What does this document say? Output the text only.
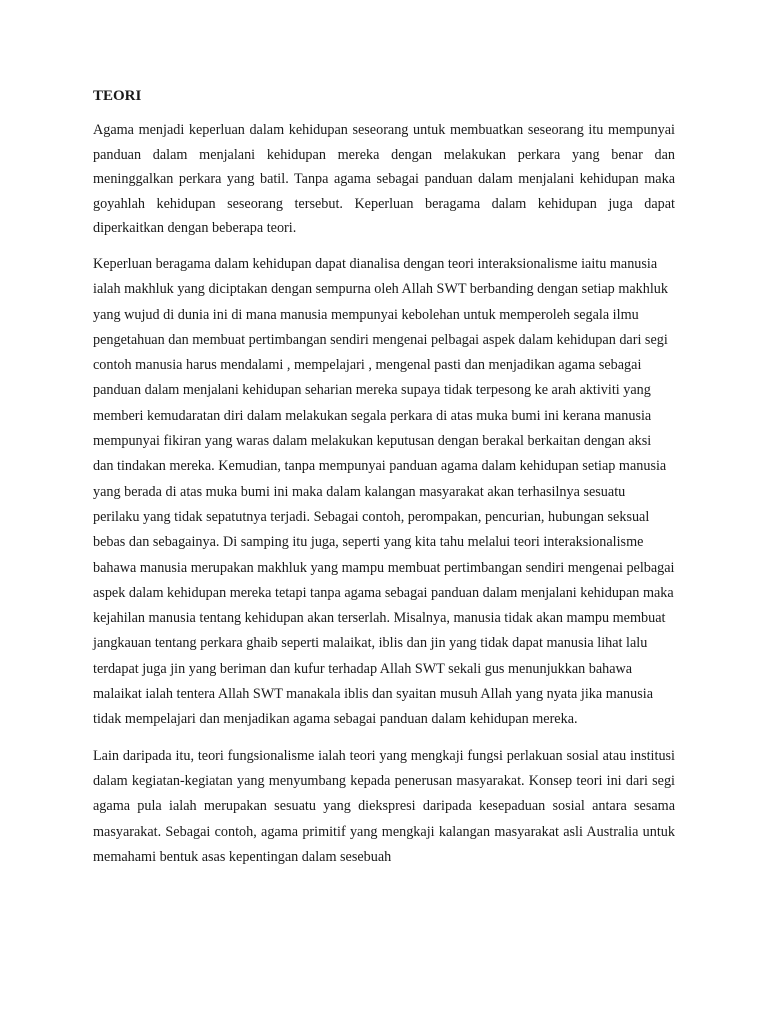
TEORI

Agama menjadi keperluan dalam kehidupan seseorang untuk membuatkan seseorang itu mempunyai panduan dalam menjalani kehidupan mereka dengan melakukan perkara yang benar dan meninggalkan perkara yang batil. Tanpa agama sebagai panduan dalam menjalani kehidupan maka goyahlah kehidupan seseorang tersebut. Keperluan beragama dalam kehidupan juga dapat diperkaitkan dengan beberapa teori.

Keperluan beragama dalam kehidupan dapat dianalisa dengan teori interaksionalisme iaitu manusia ialah makhluk yang diciptakan dengan sempurna oleh Allah SWT berbanding dengan setiap makhluk yang wujud di dunia ini di mana manusia mempunyai kebolehan untuk memperoleh segala ilmu pengetahuan dan membuat pertimbangan sendiri mengenai pelbagai aspek dalam kehidupan dari segi contoh manusia harus mendalami , mempelajari , mengenal pasti dan menjadikan agama sebagai panduan dalam menjalani kehidupan seharian mereka supaya tidak terpesong ke arah aktiviti yang memberi kemudaratan diri dalam melakukan segala perkara di atas muka bumi ini kerana manusia mempunyai fikiran yang waras dalam melakukan keputusan dengan berakal berkaitan dengan aksi dan tindakan mereka. Kemudian, tanpa mempunyai panduan agama dalam kehidupan setiap manusia yang berada di atas muka bumi ini maka dalam kalangan masyarakat akan terhasilnya sesuatu perilaku yang tidak sepatutnya terjadi. Sebagai contoh, perompakan, pencurian, hubungan seksual bebas dan sebagainya. Di samping itu juga, seperti yang kita tahu melalui teori interaksionalisme bahawa manusia merupakan makhluk yang mampu membuat pertimbangan sendiri mengenai pelbagai aspek dalam kehidupan mereka tetapi tanpa agama sebagai panduan dalam menjalani kehidupan maka kejahilan manusia tentang kehidupan akan terserlah. Misalnya, manusia tidak akan mampu membuat jangkauan tentang perkara ghaib seperti malaikat, iblis dan jin yang tidak dapat manusia lihat lalu terdapat juga jin yang beriman dan kufur terhadap Allah SWT sekali gus menunjukkan bahawa malaikat ialah tentera Allah SWT manakala iblis dan syaitan musuh Allah yang nyata jika manusia tidak mempelajari dan menjadikan agama sebagai panduan dalam kehidupan mereka.

Lain daripada itu, teori fungsionalisme ialah teori yang mengkaji fungsi perlakuan sosial atau institusi dalam kegiatan-kegiatan yang menyumbang kepada penerusan masyarakat. Konsep teori ini dari segi agama pula ialah merupakan sesuatu yang diekspresi daripada kesepaduan sosial antara sesama masyarakat. Sebagai contoh, agama primitif yang mengkaji kalangan masyarakat asli Australia untuk memahami bentuk asas kepentingan dalam sesebuah
